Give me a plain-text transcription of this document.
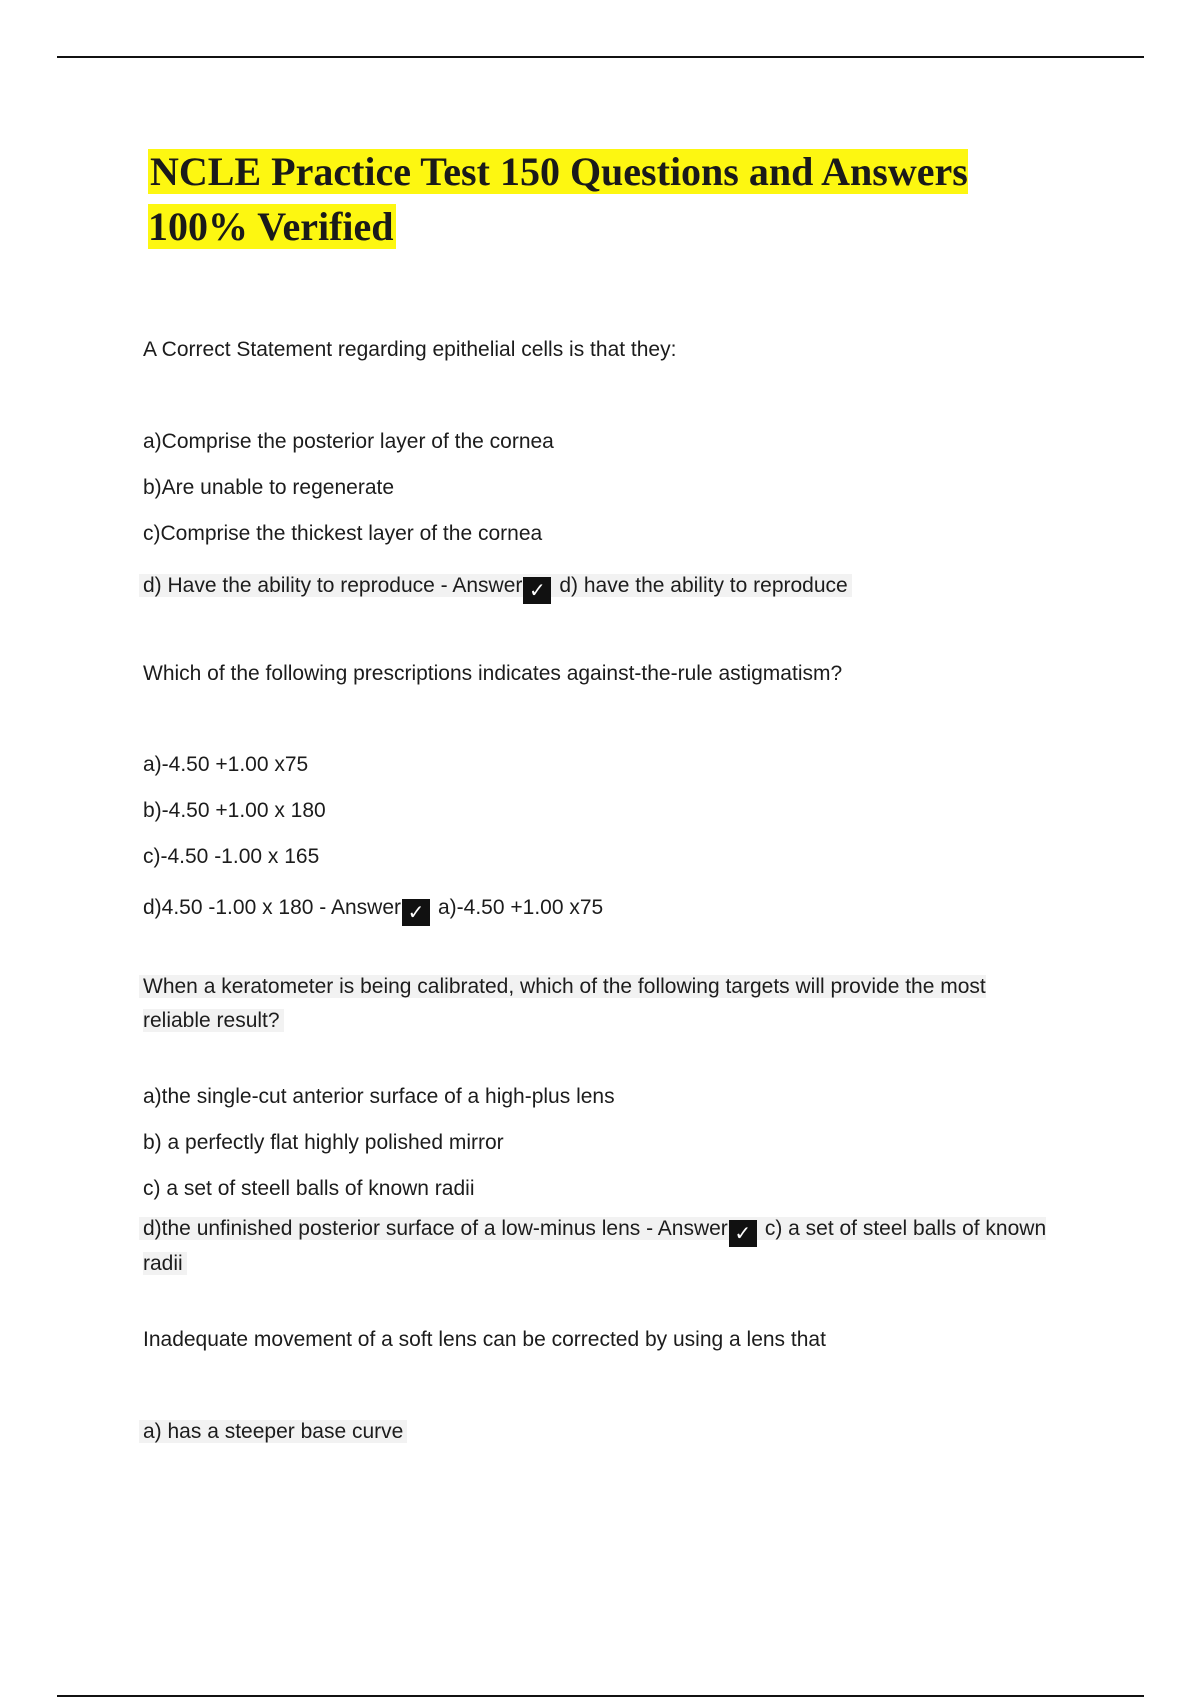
NCLE Practice Test 150 Questions and Answers 100% Verified
A Correct Statement regarding epithelial cells is that they:
a)Comprise the posterior layer of the cornea
b)Are unable to regenerate
c)Comprise the thickest layer of the cornea
d) Have the ability to reproduce - Answer ✓ d) have the ability to reproduce
Which of the following prescriptions indicates against-the-rule astigmatism?
a)-4.50 +1.00 x75
b)-4.50 +1.00 x 180
c)-4.50 -1.00 x 165
d)4.50 -1.00 x 180 - Answer ✓ a)-4.50 +1.00 x75
When a keratometer is being calibrated, which of the following targets will provide the most reliable result?
a)the single-cut anterior surface of a high-plus lens
b) a perfectly flat highly polished mirror
c) a set of steell balls of known radii
d)the unfinished posterior surface of a low-minus lens - Answer ✓ c) a set of steel balls of known radii
Inadequate movement of a soft lens can be corrected by using a lens that
a) has a steeper base curve
